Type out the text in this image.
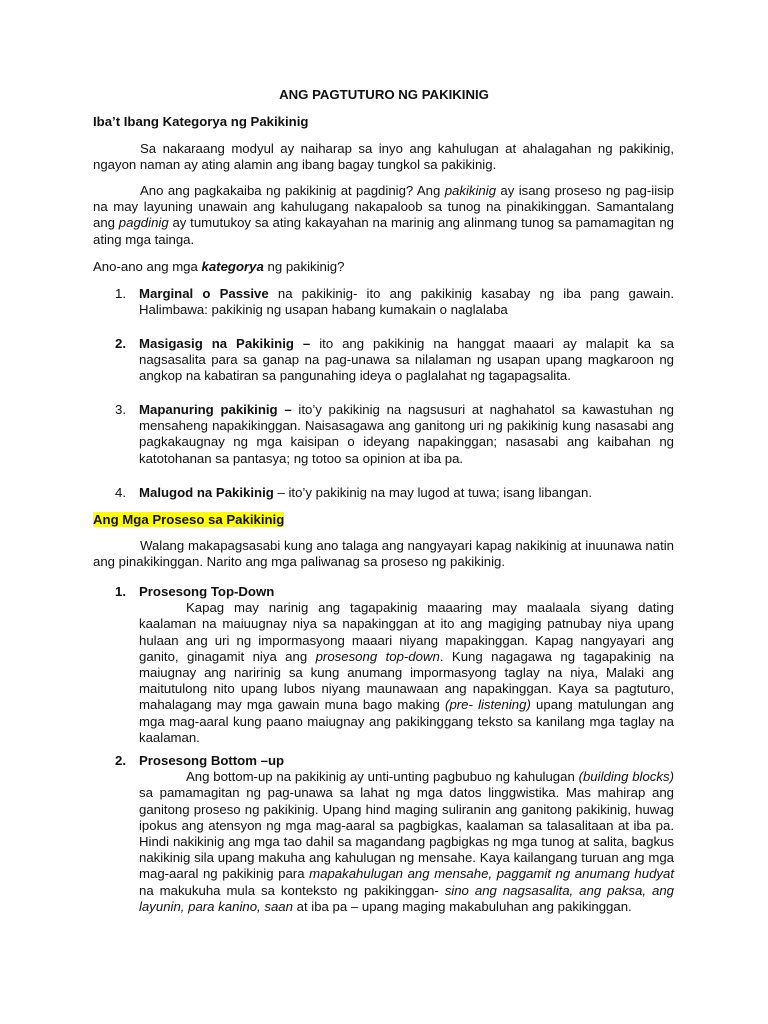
ANG PAGTUTURO NG PAKIKINIG
Iba’t Ibang Kategorya ng Pakikinig
Sa nakaraang modyul ay naiharap sa inyo ang kahulugan at ahalagahan ng pakikinig, ngayon naman ay ating alamin ang ibang bagay tungkol sa pakikinig.
Ano ang pagkakaiba ng pakikinig at pagdinig? Ang pakikinig ay isang proseso ng pag-iisip na may layuning unawain ang kahulugang nakapaloob sa tunog na pinakikinggan. Samantalang ang pagdinig ay tumutukoy sa ating kakayahan na marinig ang alinmang tunog sa pamamagitan ng ating mga tainga.
Ano-ano ang mga kategorya ng pakikinig?
1. Marginal o Passive na pakikinig- ito ang pakikinig kasabay ng iba pang gawain. Halimbawa: pakikinig ng usapan habang kumakain o naglalaba
2. Masigasig na Pakikinig – ito ang pakikinig na hanggat maaari ay malapit ka sa nagsasalita para sa ganap na pag-unawa sa nilalaman ng usapan upang magkaroon ng angkop na kabatiran sa pangunahing ideya o paglalahat ng tagapagsalita.
3. Mapanuring pakikinig – ito’y pakikinig na nagsusuri at naghahatol sa kawastuhan ng mensaheng napakikinggan. Naisasagawa ang ganitong uri ng pakikinig kung nasasabi ang pagkakaugnay ng mga kaisipan o ideyang napakinggan; nasasabi ang kaibahan ng katotohanan sa pantasya; ng totoo sa opinion at iba pa.
4. Malugod na Pakikinig – ito’y pakikinig na may lugod at tuwa; isang libangan.
Ang Mga Proseso sa Pakikinig
Walang makapagsasabi kung ano talaga ang nangyayari kapag nakikinig at inuunawa natin ang pinakikinggan. Narito ang mga paliwanag sa proseso ng pakikinig.
1. Prosesong Top-Down
Kapag may narinig ang tagapakinig maaaring may maalaala siyang dating kaalaman na maiuugnay niya sa napakinggan at ito ang magiging patnubay niya upang hulaan ang uri ng impormasyong maaari niyang mapakinggan. Kapag nangyayari ang ganito, ginagamit niya ang prosesong top-down. Kung nagagawa ng tagapakinig na maiugnay ang naririnig sa kung anumang impormasyong taglay na niya, Malaki ang maitutulong nito upang lubos niyang maunawaan ang napakinggan. Kaya sa pagtuturo, mahalagang may mga gawain muna bago making (pre- listening) upang matulungan ang mga mag-aaral kung paano maiugnay ang pakikinggang teksto sa kanilang mga taglay na kaalaman.
2. Prosesong Bottom –up
Ang bottom-up na pakikinig ay unti-unting pagbubuo ng kahulugan (building blocks) sa pamamagitan ng pag-unawa sa lahat ng mga datos linggwistika. Mas mahirap ang ganitong proseso ng pakikinig. Upang hind maging suliranin ang ganitong pakikinig, huwag ipokus ang atensyon ng mga mag-aaral sa pagbigkas, kaalaman sa talasalitaan at iba pa. Hindi nakikinig ang mga tao dahil sa magandang pagbigkas ng mga tunog at salita, bagkus nakikinig sila upang makuha ang kahulugan ng mensahe. Kaya kailangang turuan ang mga mag-aaral ng pakikinig para mapakahulugan ang mensahe, paggamit ng anumang hudyat na makukuha mula sa konteksto ng pakikinggan- sino ang nagsasalita, ang paksa, ang layunin, para kanino, saan at iba pa – upang maging makabuluhan ang pakikinggan.
